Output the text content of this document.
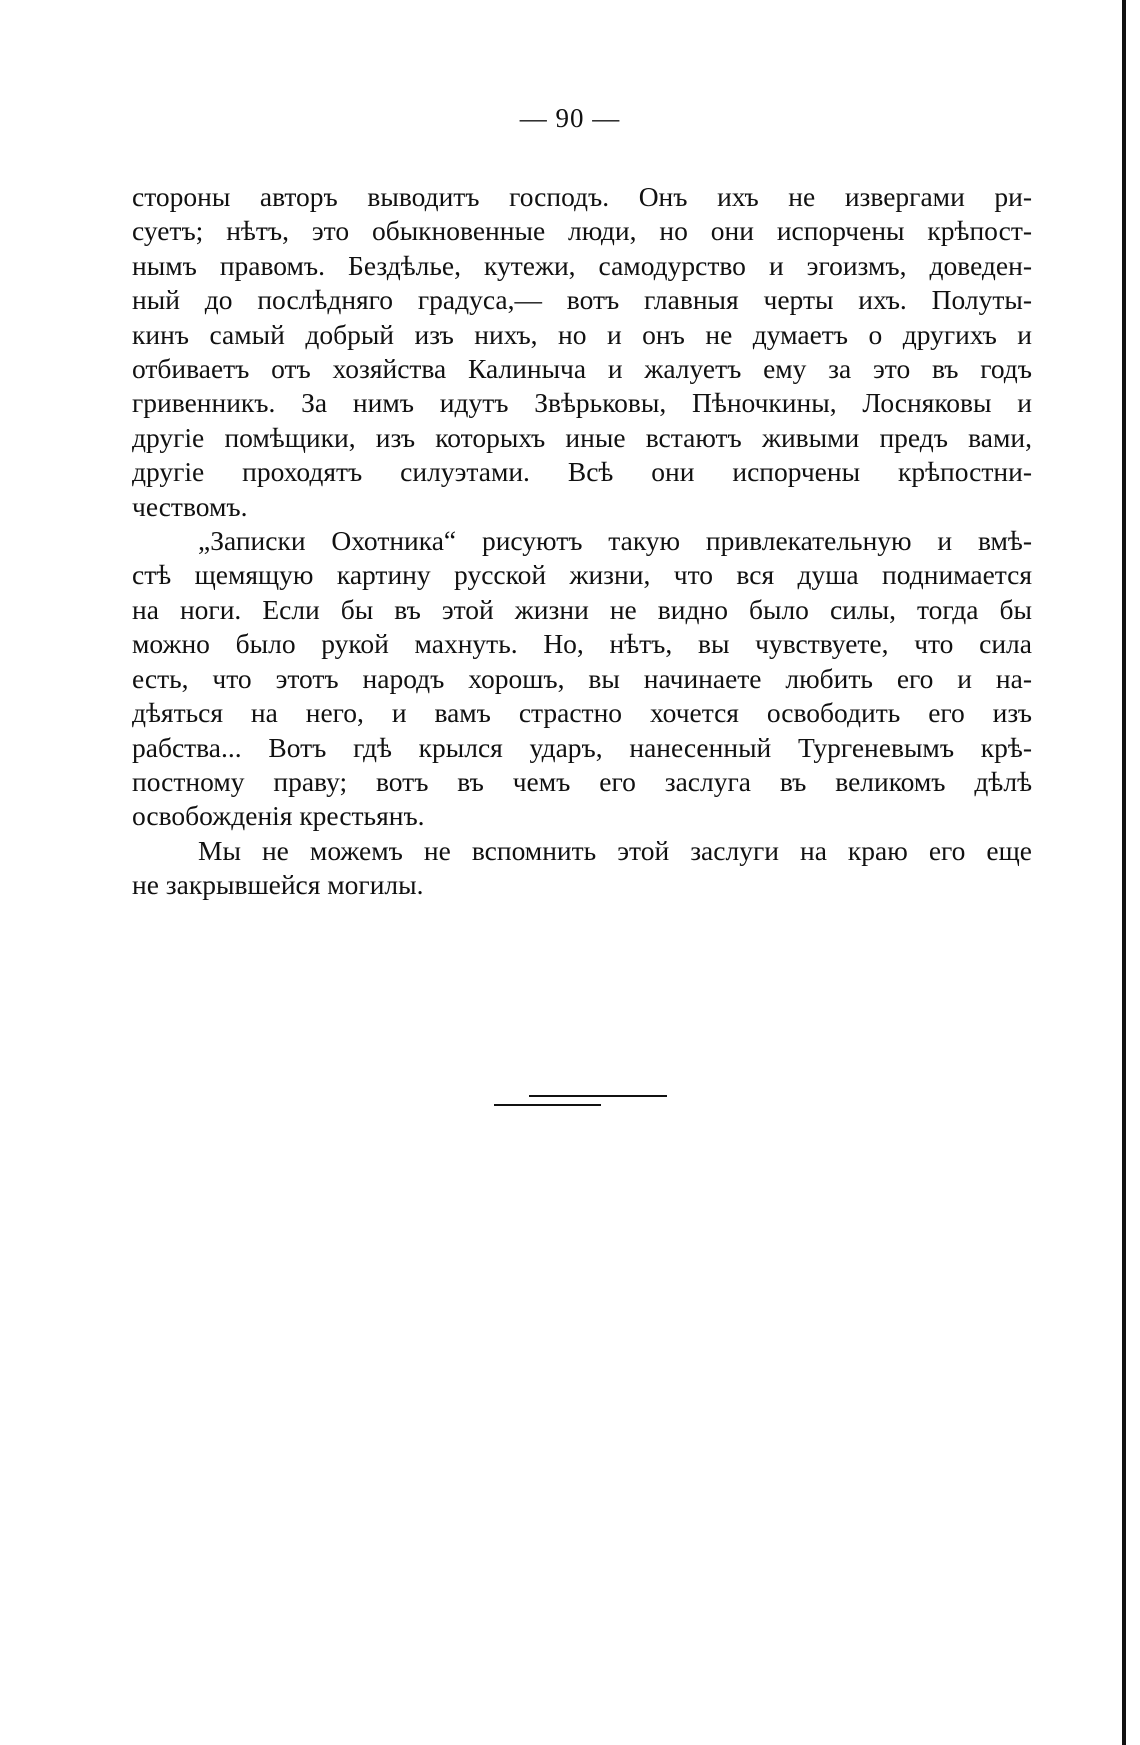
— 90 —
стороны авторъ выводитъ господъ. Онъ ихъ не извергами ри-
суетъ; нѣтъ, это обыкновенные люди, но они испорчены крѣпост-
нымъ правомъ. Бездѣлье, кутежи, самодурство и эгоизмъ, доведен-
ный до послѣдняго градуса,— вотъ главныя черты ихъ. Полуты-
кинъ самый добрый изъ нихъ, но и онъ не думаетъ о другихъ и
отбиваетъ отъ хозяйства Калиныча и жалуетъ ему за это въ годъ
гривенникъ. За нимъ идутъ Звѣрьковы, Пѣночкины, Лосняковы и
другіе помѣщики, изъ которыхъ иные встаютъ живыми предъ вами,
другіе проходятъ силуэтами. Всѣ они испорчены крѣпостни-
чествомъ.
„Записки Охотника“ рисуютъ такую привлекательную и вмѣ-
стѣ щемящую картину русской жизни, что вся душа поднимается
на ноги. Если бы въ этой жизни не видно было силы, тогда бы
можно было рукой махнуть. Но, нѣтъ, вы чувствуете, что сила
есть, что этотъ народъ хорошъ, вы начинаете любить его и на-
дѣяться на него, и вамъ страстно хочется освободить его изъ
рабства... Вотъ гдѣ крылся ударъ, нанесенный Тургеневымъ крѣ-
постному праву; вотъ въ чемъ его заслуга въ великомъ дѣлѣ
освобожденія крестьянъ.
Мы не можемъ не вспомнить этой заслуги на краю его еще
не закрывшейся могилы.
